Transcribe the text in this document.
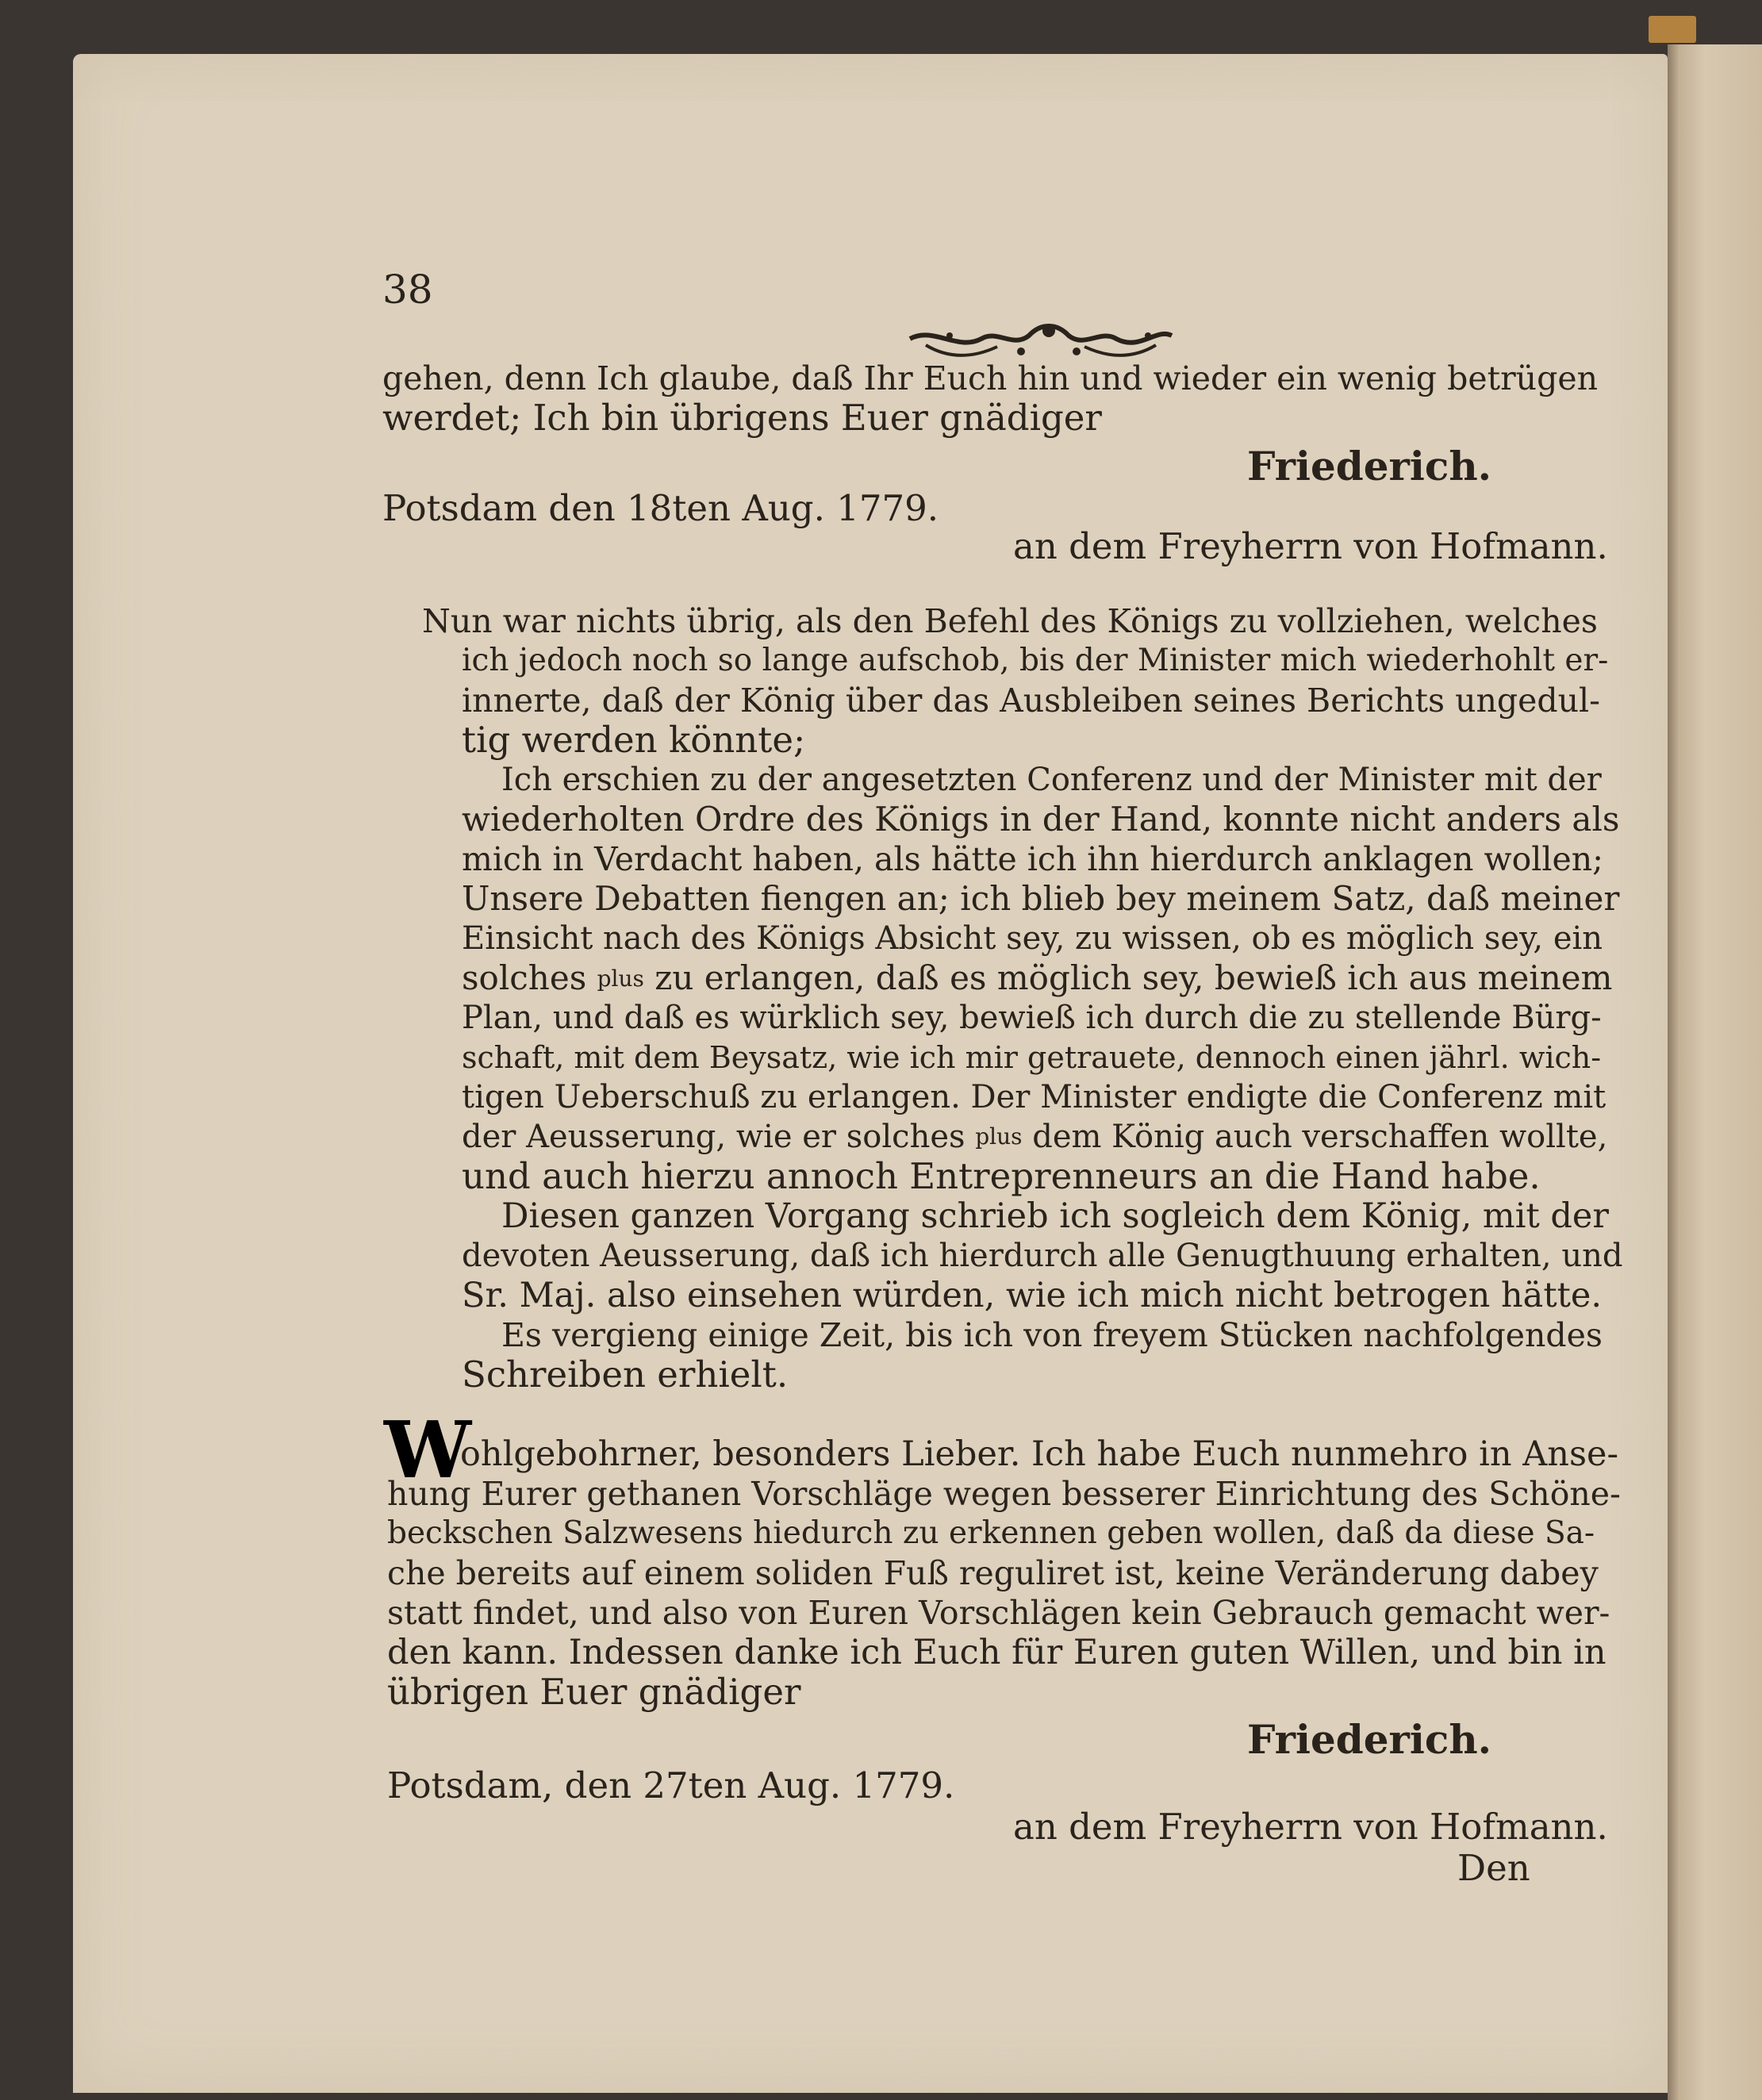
38
gehen, denn Ich glaube, daß Ihr Euch hin und wieder ein wenig betrügen
werdet; Ich bin übrigens Euer gnädiger
Friederich.
Potsdam den 18ten Aug. 1779.
an dem Freyherrn von Hofmann.
Nun war nichts übrig, als den Befehl des Königs zu vollziehen, welches
ich jedoch noch so lange aufschob, bis der Minister mich wiederhohlt er-
innerte, daß der König über das Ausbleiben seines Berichts ungedul-
tig werden könnte;
Ich erschien zu der angesetzten Conferenz und der Minister mit der
wiederholten Ordre des Königs in der Hand, konnte nicht anders als
mich in Verdacht haben, als hätte ich ihn hierdurch anklagen wollen;
Unsere Debatten fiengen an; ich blieb bey meinem Satz, daß meiner
Einsicht nach des Königs Absicht sey, zu wissen, ob es möglich sey, ein
solches plus zu erlangen, daß es möglich sey, bewieß ich aus meinem
Plan, und daß es würklich sey, bewieß ich durch die zu stellende Bürg-
schaft, mit dem Beysatz, wie ich mir getrauete, dennoch einen jährl. wich-
tigen Ueberschuß zu erlangen. Der Minister endigte die Conferenz mit
der Aeusserung, wie er solches plus dem König auch verschaffen wollte,
und auch hierzu annoch Entreprenneurs an die Hand habe.
Diesen ganzen Vorgang schrieb ich sogleich dem König, mit der
devoten Aeusserung, daß ich hierdurch alle Genugthuung erhalten, und
Sr. Maj. also einsehen würden, wie ich mich nicht betrogen hätte.
Es vergieng einige Zeit, bis ich von freyem Stücken nachfolgendes
Schreiben erhielt.
W
ohlgebohrner, besonders Lieber. Ich habe Euch nunmehro in Anse-
hung Eurer gethanen Vorschläge wegen besserer Einrichtung des Schöne-
beckschen Salzwesens hiedurch zu erkennen geben wollen, daß da diese Sa-
che bereits auf einem soliden Fuß reguliret ist, keine Veränderung dabey
statt findet, und also von Euren Vorschlägen kein Gebrauch gemacht wer-
den kann. Indessen danke ich Euch für Euren guten Willen, und bin in
übrigen Euer gnädiger
Friederich.
Potsdam, den 27ten Aug. 1779.
an dem Freyherrn von Hofmann.
Den
